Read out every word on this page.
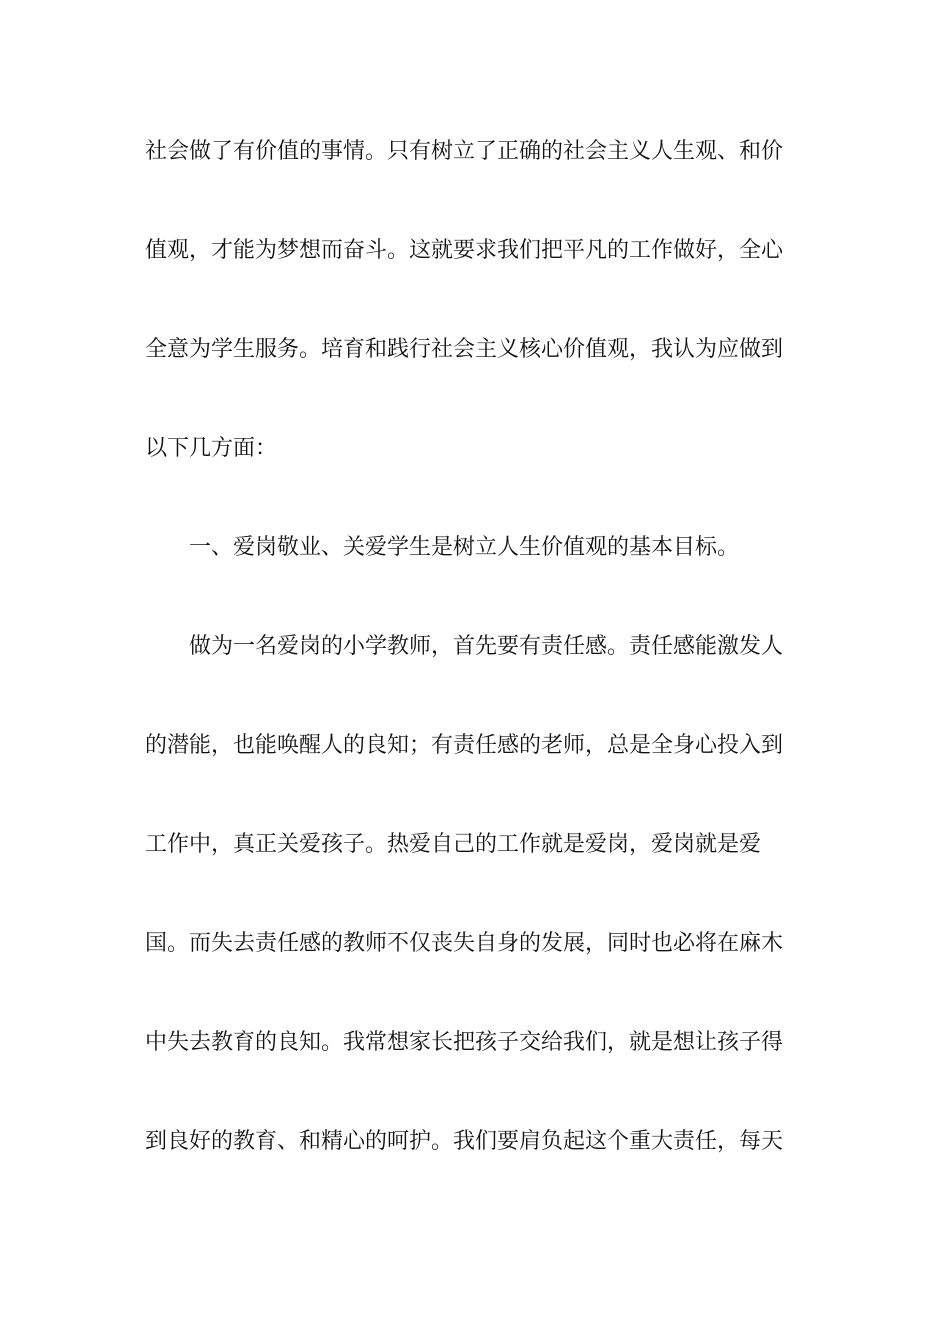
社会做了有价值的事情。只有树立了正确的社会主义人生观、和价
值观，才能为梦想而奋斗。这就要求我们把平凡的工作做好，全心
全意为学生服务。培育和践行社会主义核心价值观，我认为应做到
以下几方面：
一、爱岗敬业、关爱学生是树立人生价值观的基本目标。
做为一名爱岗的小学教师，首先要有责任感。责任感能激发人
的潜能，也能唤醒人的良知；有责任感的老师，总是全身心投入到
工作中，真正关爱孩子。热爱自己的工作就是爱岗，爱岗就是爱
国。而失去责任感的教师不仅丧失自身的发展，同时也必将在麻木
中失去教育的良知。我常想家长把孩子交给我们，就是想让孩子得
到良好的教育、和精心的呵护。我们要肩负起这个重大责任，每天
